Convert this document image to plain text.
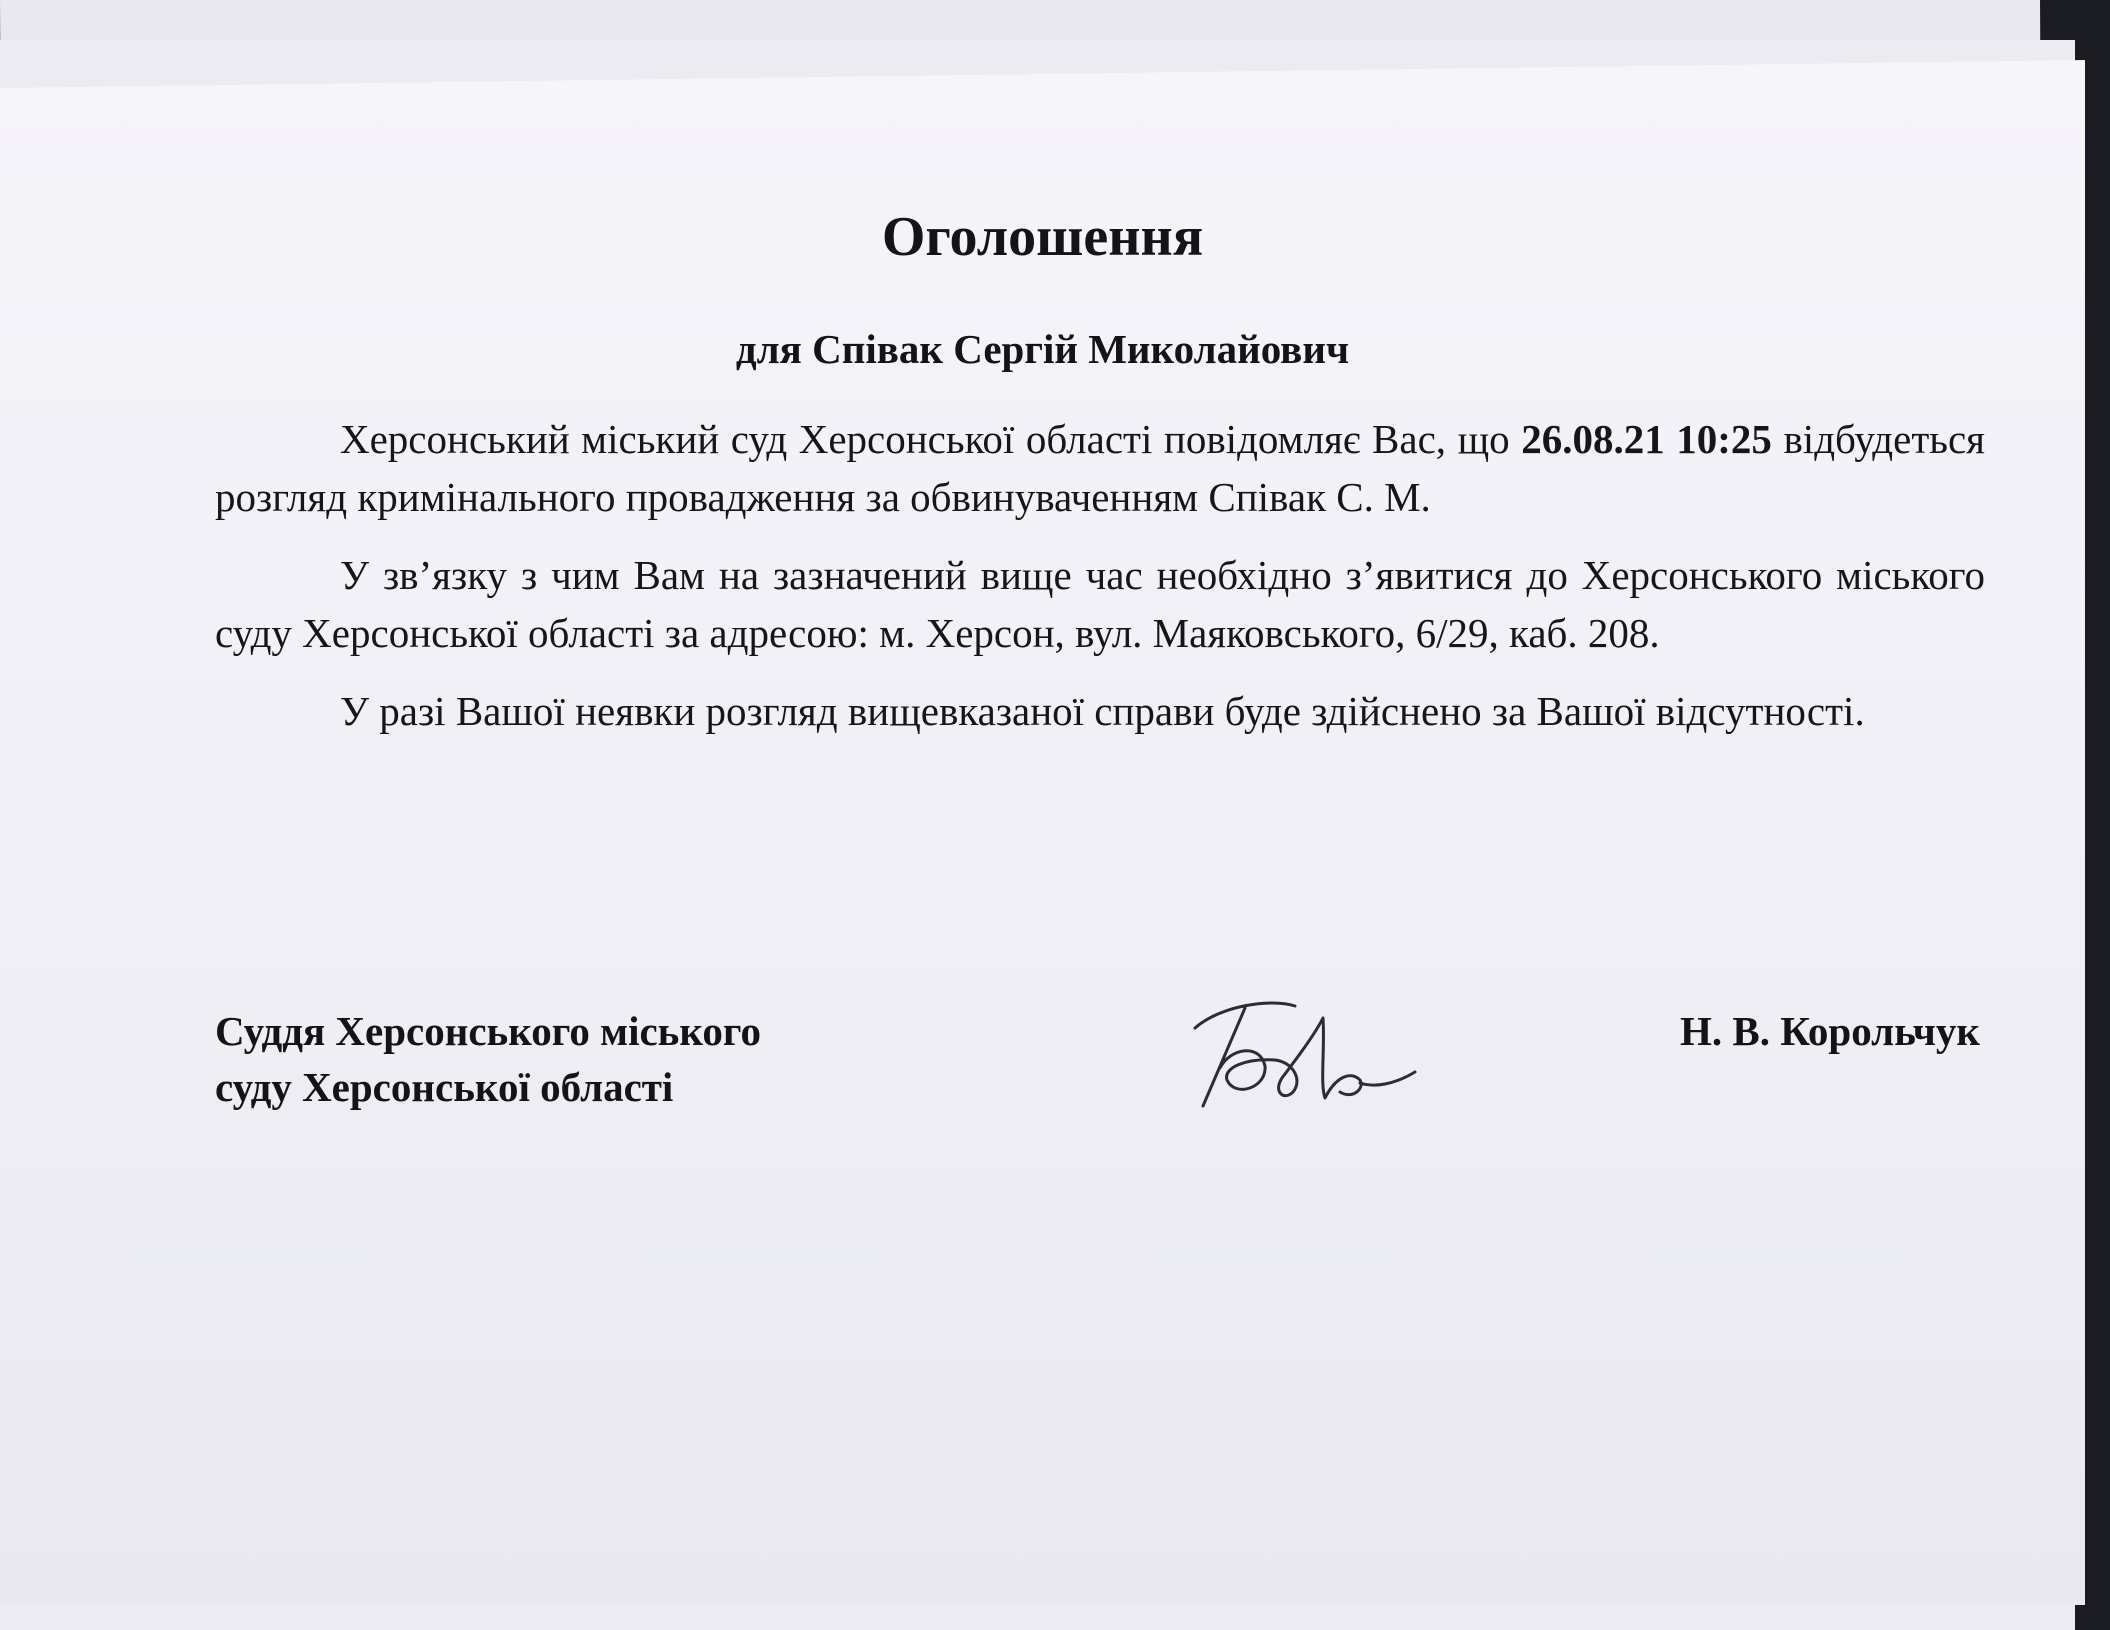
Оголошення
для Співак Сергій Миколайович

Херсонський міський суд Херсонської області повідомляє Вас, що 26.08.21 10:25 відбудеться розгляд кримінального провадження за обвинуваченням Співак С. М.

У зв’язку з чим Вам на зазначений вище час необхідно з’явитися до Херсонського міського суду Херсонської області за адресою: м. Херсон, вул. Маяковського, 6/29, каб. 208.

У разі Вашої неявки розгляд вищевказаної справи буде здійснено за Вашої відсутності.

Суддя Херсонського міського
суду Херсонської області
Н. В. Корольчук
